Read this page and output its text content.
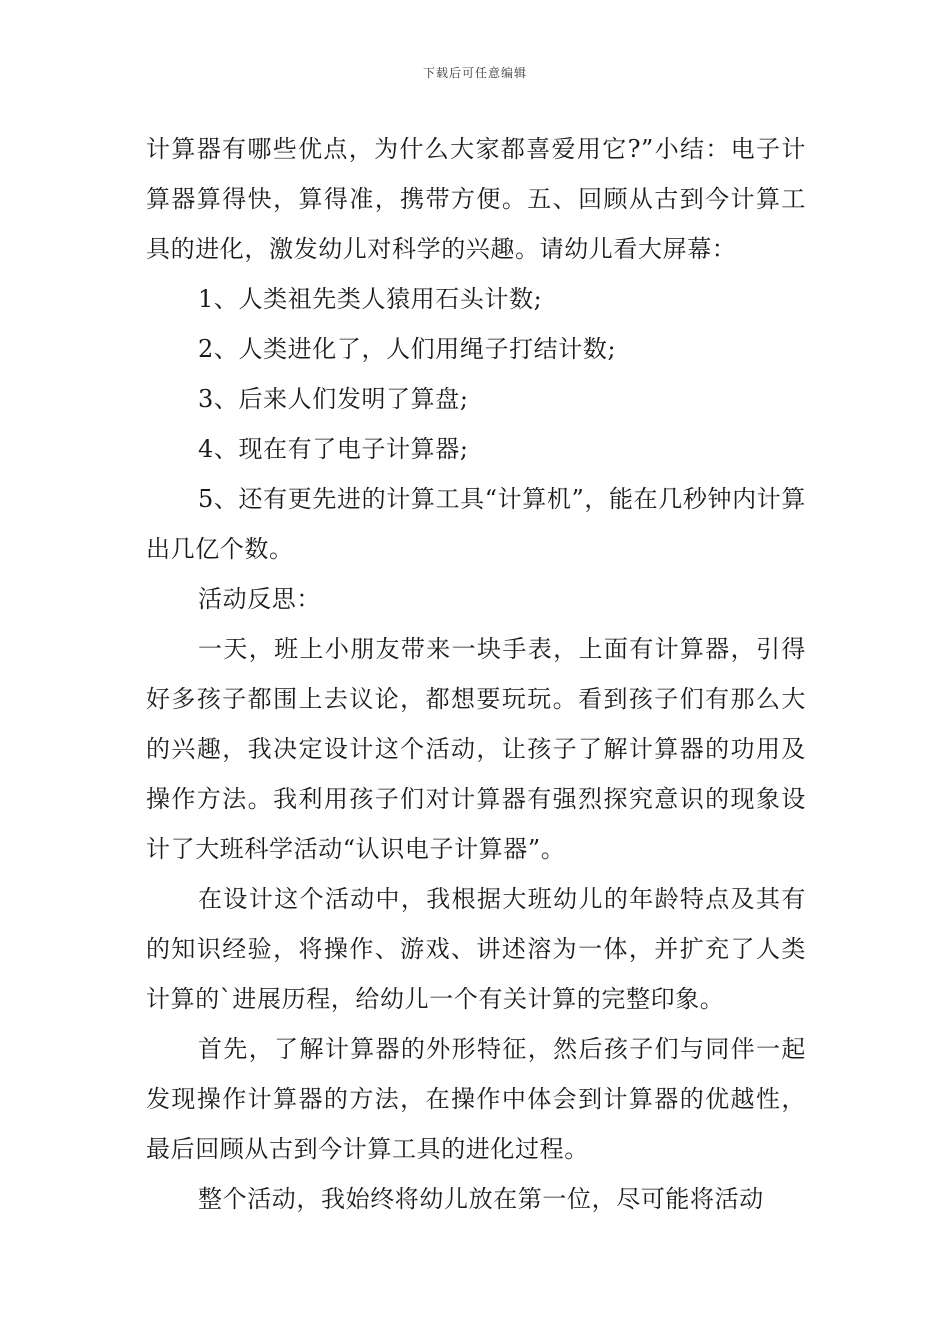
下载后可任意编辑

计算器有哪些优点，为什么大家都喜爱用它?”小结：电子计算器算得快，算得准，携带方便。五、回顾从古到今计算工具的进化，激发幼儿对科学的兴趣。请幼儿看大屏幕：

1、人类祖先类人猿用石头计数;

2、人类进化了，人们用绳子打结计数;

3、后来人们发明了算盘;

4、现在有了电子计算器;

5、还有更先进的计算工具“计算机”，能在几秒钟内计算出几亿个数。

活动反思：

一天，班上小朋友带来一块手表，上面有计算器，引得好多孩子都围上去议论，都想要玩玩。看到孩子们有那么大的兴趣，我决定设计这个活动，让孩子了解计算器的功用及操作方法。我利用孩子们对计算器有强烈探究意识的现象设计了大班科学活动“认识电子计算器”。

在设计这个活动中，我根据大班幼儿的年龄特点及其有的知识经验，将操作、游戏、讲述溶为一体，并扩充了人类计算的`进展历程，给幼儿一个有关计算的完整印象。

首先，了解计算器的外形特征，然后孩子们与同伴一起发现操作计算器的方法，在操作中体会到计算器的优越性，最后回顾从古到今计算工具的进化过程。

整个活动，我始终将幼儿放在第一位，尽可能将活动
